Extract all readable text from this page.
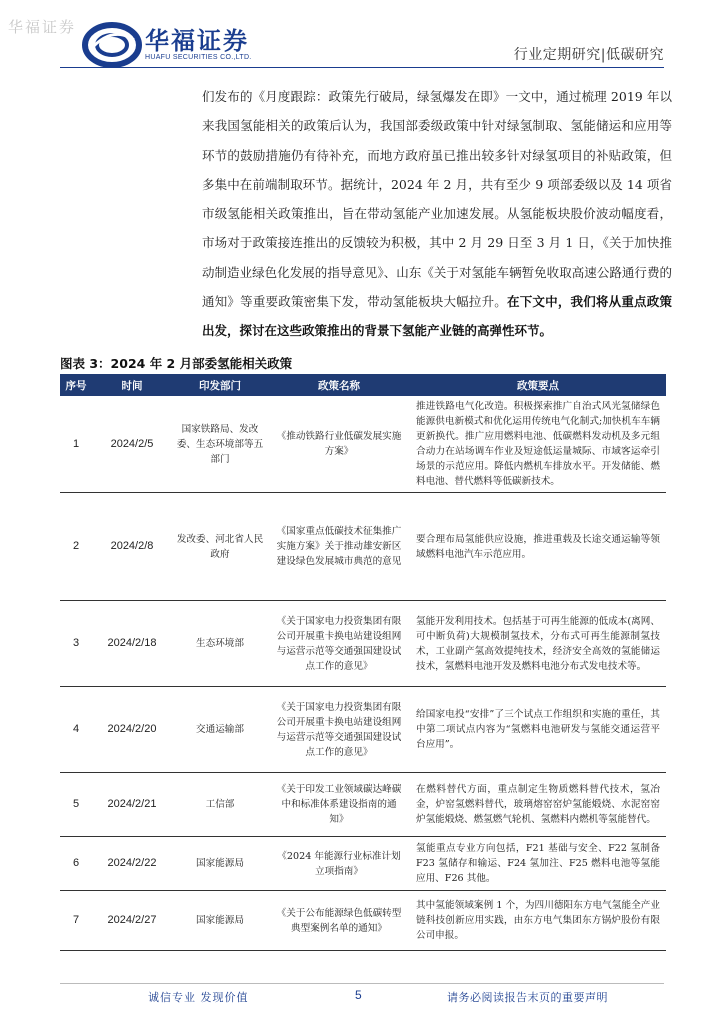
华福证券	华福证券
HUAFU SECURITIES CO.,LTD.	行业定期研究|低碳研究
们发布的《月度跟踪：政策先行破局，绿氢爆发在即》一文中，通过梳理 2019 年以来我国氢能相关的政策后认为，我国部委级政策中针对绿氢制取、氢能储运和应用等环节的鼓励措施仍有待补充，而地方政府虽已推出较多针对绿氢项目的补贴政策，但多集中在前端制取环节。据统计，2024 年 2 月，共有至少 9 项部委级以及 14 项省市级氢能相关政策推出，旨在带动氢能产业加速发展。从氢能板块股价波动幅度看，市场对于政策接连推出的反馈较为积极，其中 2 月 29 日至 3 月 1 日，《关于加快推动制造业绿色化发展的指导意见》、山东《关于对氢能车辆暂免收取高速公路通行费的通知》等重要政策密集下发，带动氢能板块大幅拉升。在下文中，我们将从重点政策出发，探讨在这些政策推出的背景下氢能产业链的高弹性环节。
图表 3：2024 年 2 月部委氢能相关政策
序号	时间	印发部门	政策名称	政策要点
1	2024/2/5	国家铁路局、发改委、生态环境部等五部门	《推动铁路行业低碳发展实施方案》	推进铁路电气化改造。积极探索推广自治式风光氢储绿色能源供电新模式和优化运用传统电气化制式;加快机车车辆更新换代。推广应用燃料电池、低碳燃料发动机及多元组合动力在站场调车作业及短途低运量城际、市域客运牵引场景的示范应用。降低内燃机车排放水平。开发储能、燃料电池、替代燃料等低碳新技术。
2	2024/2/8	发改委、河北省人民政府	《国家重点低碳技术征集推广实施方案》关于推动雄安新区建设绿色发展城市典范的意见	要合理布局氢能供应设施，推进重载及长途交通运输等领域燃料电池汽车示范应用。
3	2024/2/18	生态环境部	《关于国家电力投资集团有限公司开展重卡换电站建设组网与运营示范等交通强国建设试点工作的意见》	氢能开发利用技术。包括基于可再生能源的低成本(离网、可中断负荷)大规模制氢技术，分布式可再生能源制氢技术，工业副产氢高效提纯技术，经济安全高效的氢能储运技术，氢燃料电池开发及燃料电池分布式发电技术等。
4	2024/2/20	交通运输部	《关于国家电力投资集团有限公司开展重卡换电站建设组网与运营示范等交通强国建设试点工作的意见》	给国家电投“安排”了三个试点工作组织和实施的重任，其中第二项试点内容为“氢燃料电池研发与氢能交通运营平台应用”。
5	2024/2/21	工信部	《关于印发工业领域碳达峰碳中和标准体系建设指南的通知》	在燃料替代方面，重点制定生物质燃料替代技术，氢冶金，炉窑氢燃料替代，玻璃熔窑窑炉氢能煅烧、水泥窑窑炉氢能煅烧、燃氢燃气轮机、氢燃料内燃机等氢能替代。
6	2024/2/22	国家能源局	《2024 年能源行业标准计划立项指南》	氢能重点专业方向包括，F21 基础与安全、F22 氢制备 F23 氢储存和输运、F24 氢加注、F25 燃料电池等氢能应用、F26 其他。
7	2024/2/27	国家能源局	《关于公布能源绿色低碳转型典型案例名单的通知》	其中氢能领域案例 1 个，为四川德阳东方电气氢能全产业链科技创新应用实践，由东方电气集团东方锅炉股份有限公司申报。
诚信专业 发现价值	5	请务必阅读报告末页的重要声明
